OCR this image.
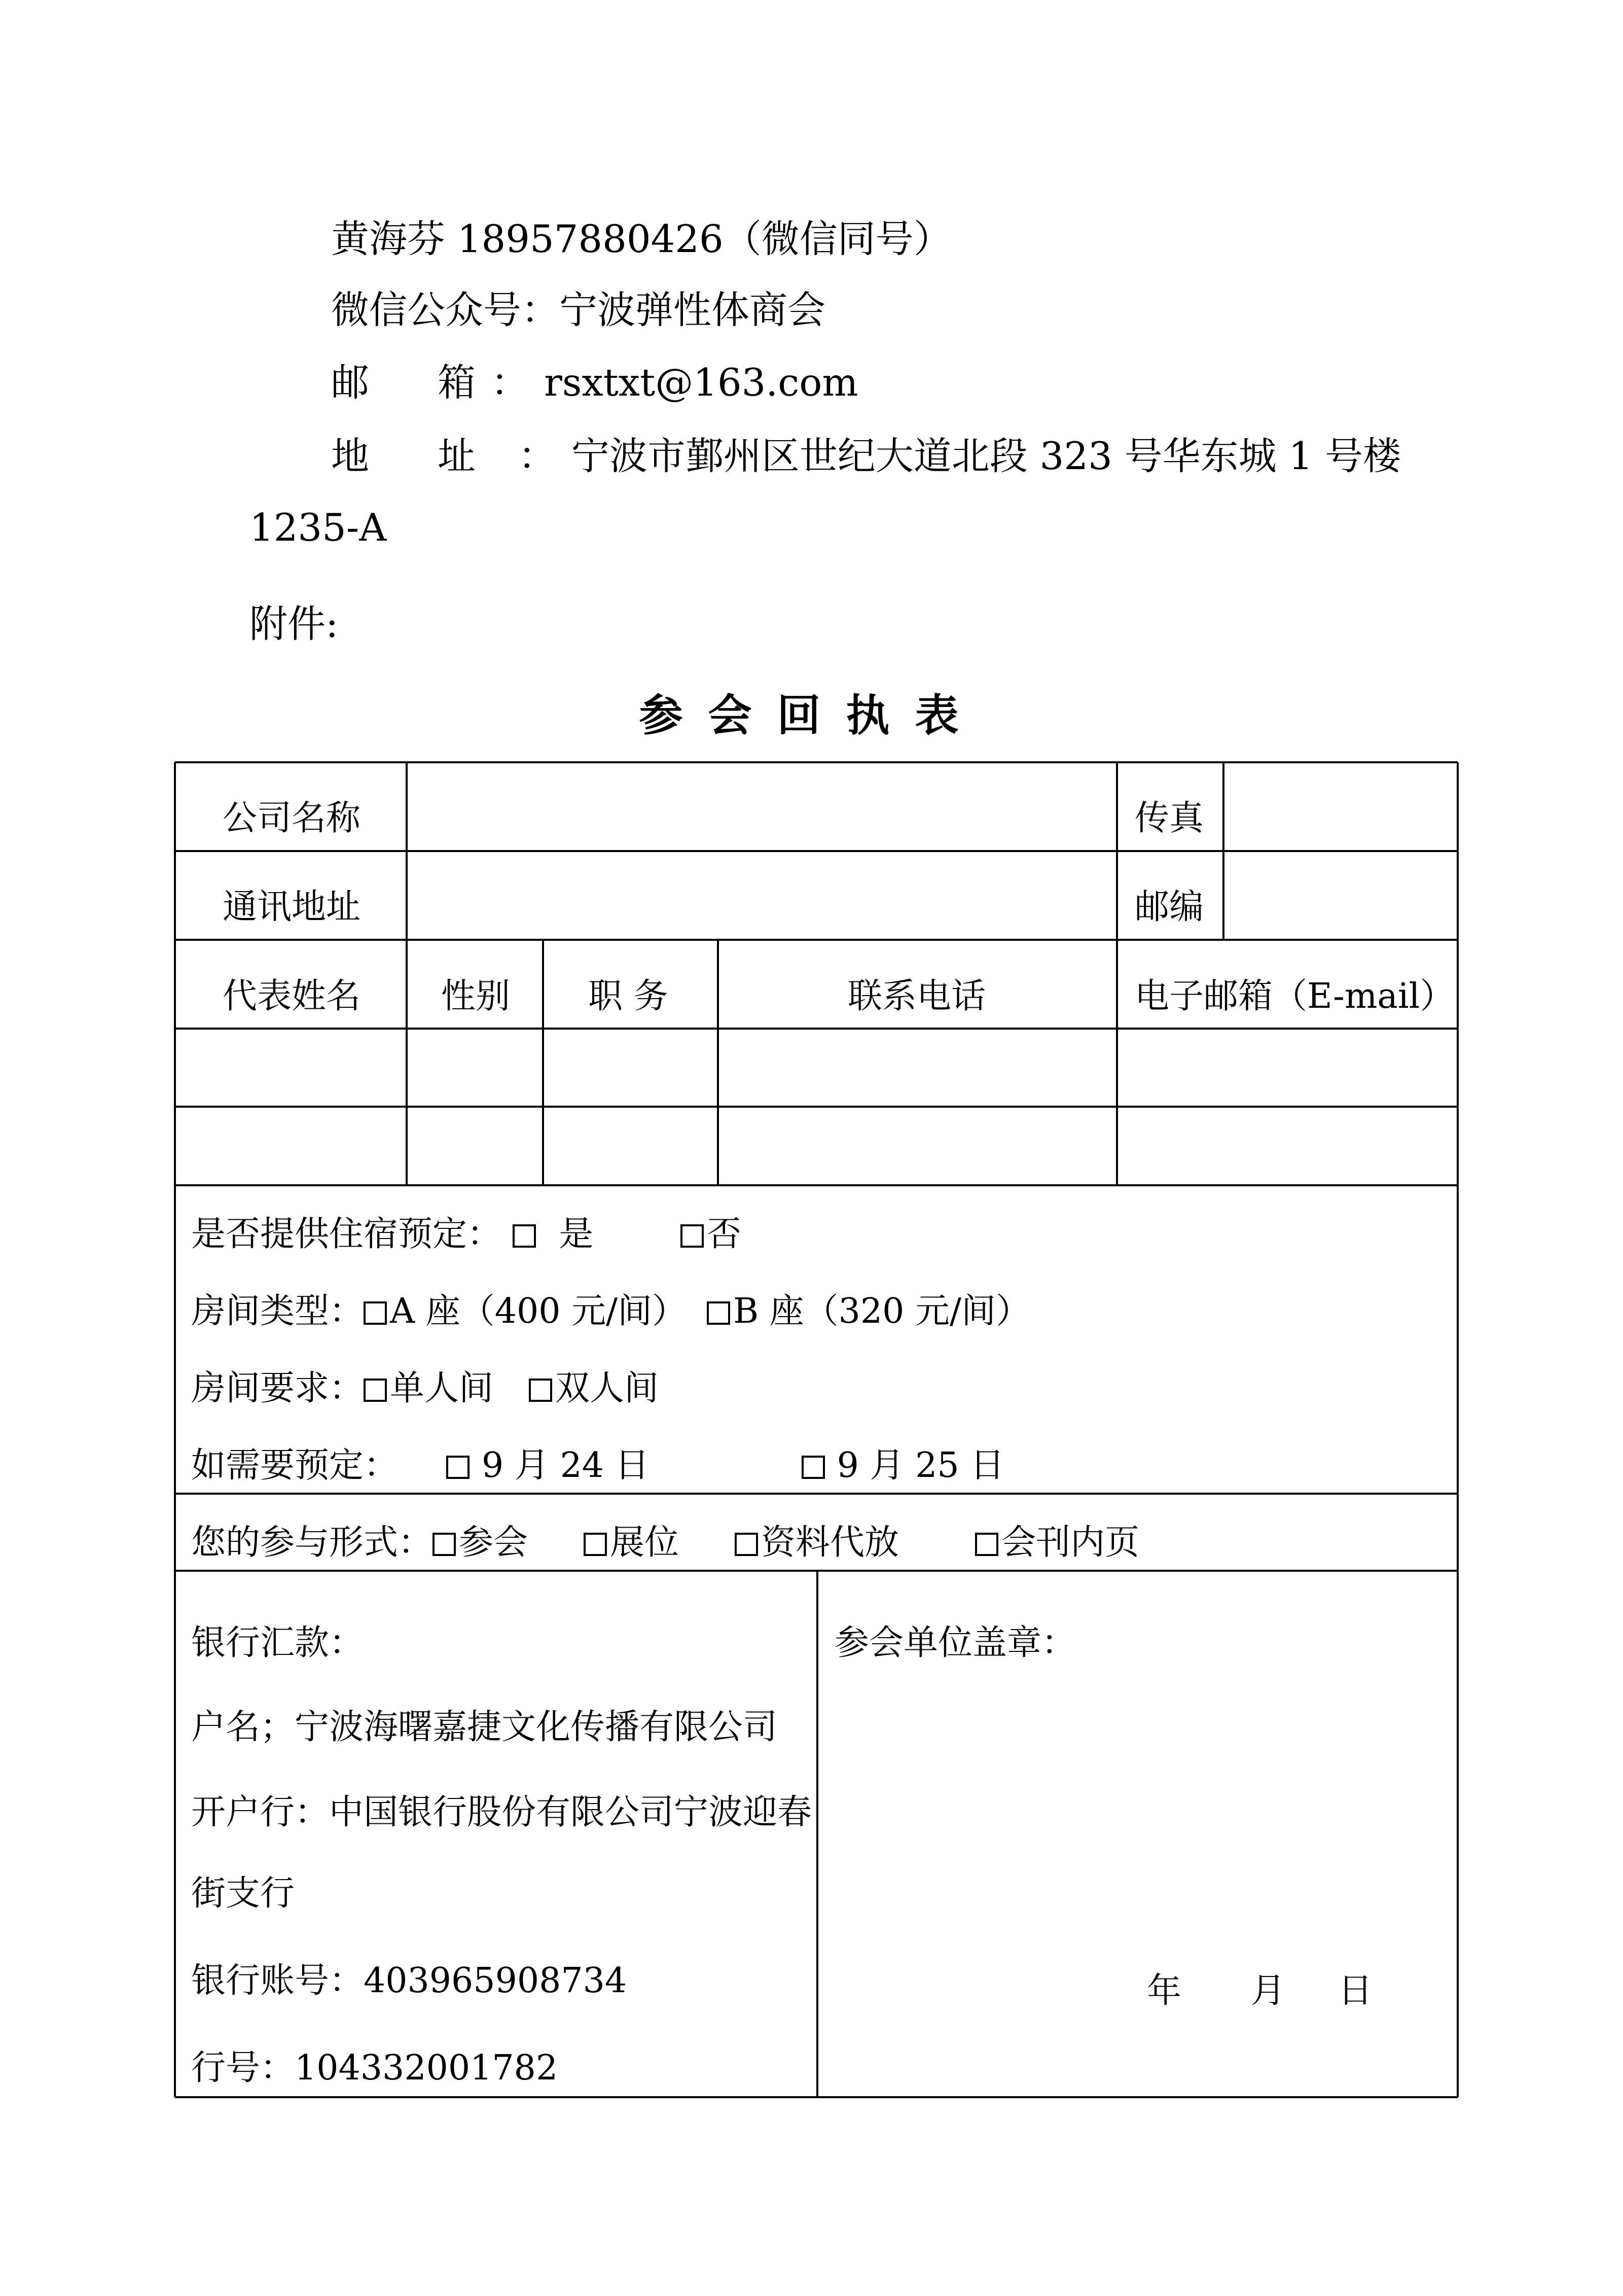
黄海芬 18957880426（微信同号）
微信公众号：宁波弹性体商会
邮　箱：rsxtxt@163.com
地　址 ：宁波市鄞州区世纪大道北段 323 号华东城 1 号楼
1235-A
附件:
参会回执表
公司名称	传真
通讯地址	邮编
代表姓名 性别 职 务	联系电话	电子邮箱（E-mail）
是否提供住宿预定： 是	否
房间类型： A 座（400 元/间） B 座（320 元/间）
房间要求： 单人间 双人间
如需要预定： 9 月 24 日	9 月 25 日
您的参与形式： 参会 展位 资料代放	会刊内页
银行汇款：
户名；宁波海曙嘉捷文化传播有限公司
开户行：中国银行股份有限公司宁波迎春
街支行
银行账号：403965908734
行号：104332001782
参会单位盖章：
年 月 日
